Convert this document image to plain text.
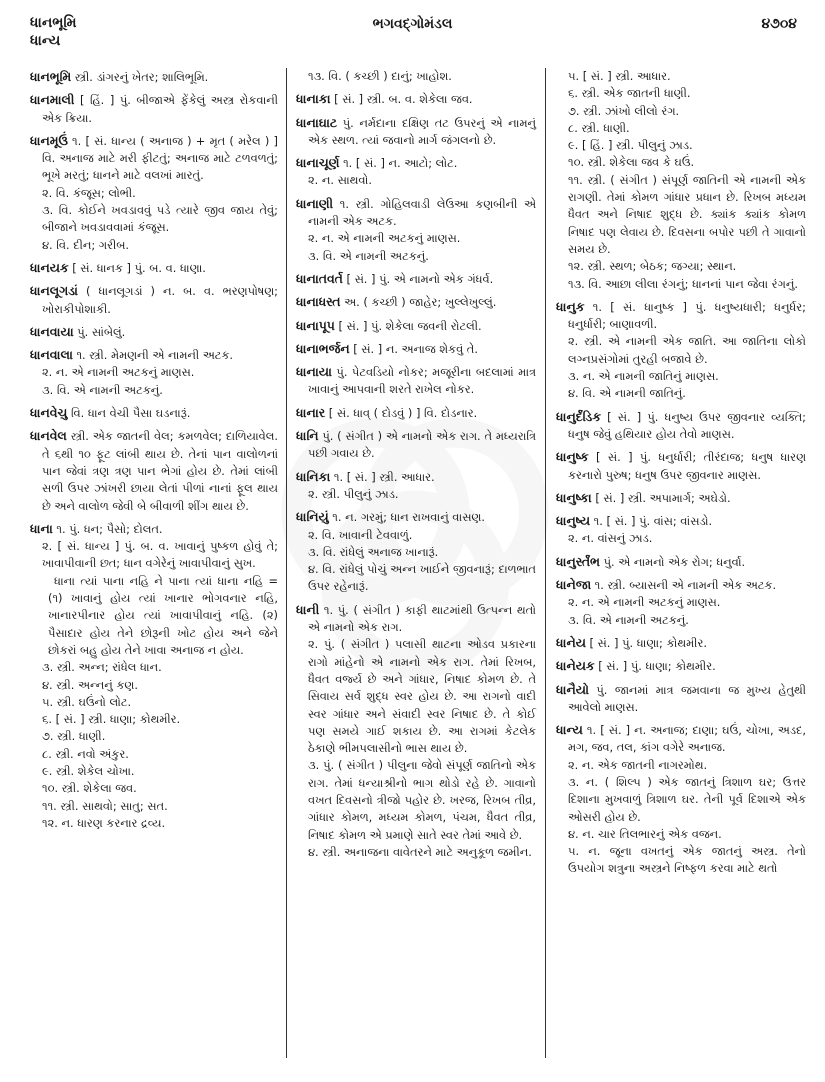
ધાનભૂમિ
ધાન્ય
ભગવદ્ગોમંડલ	૪૭૦૪

ધાનભૂમિ સ્ત્રી. ડાંગરનું ખેતર; શાલિભૂમિ.

ધાનમાલી [ હિં. ] પું. બીજાએ ફેંકેલું અસ્ત્ર રોકવાની એક ક્રિયા.

ધાનમૂઉં ૧. [ સં. ધાન્ય ( અનાજ ) + મૃત ( મરેલ ) ] વિ. અનાજ માટે મરી ફીટતું; અનાજ માટે ટળવળતું; ભૂખે મરતું; ધાનને માટે વલખાં મારતું.

૨. વિ. કંજૂસ; લોભી.

૩. વિ. કોઈને ખવડાવવું પડે ત્યારે જીવ જાય તેવું; બીજાને ખવડાવવામાં કંજૂસ.

૪. વિ. દીન; ગરીબ.

ધાનયક [ સં. ધાનક ] પું. બ. વ. ધાણા.

ધાનલૂગડાં ( ધાનલૂગડાં ) ન. બ. વ. ભરણપોષણ; ખોરાકીપોશાકી.

ધાનવાયા પું. સાંબેલું.

ધાનવાલા ૧. સ્ત્રી. મેમણની એ નામની અટક.

૨. ન. એ નામની અટકનું માણસ.

૩. વિ. એ નામની અટકનું.

ધાનવેચુ વિ. ધાન વેચી પૈસા ઘડનારૂં.

ધાનવેલ સ્ત્રી. એક જાતની વેલ; કમળવેલ; દાળિયાવેલ. તે ૬થી ૧૦ ફૂટ લાંબી થાય છે. તેનાં પાન વાલોળનાં પાન જેવાં ત્રણ ત્રણ પાન ભેગાં હોય છે. તેમાં લાંબી સળી ઉપર ઝાંખરી છાયા લેતાં પીળાં નાનાં ફૂલ થાય છે અને વાલોળ જેવી બે બીવાળી શીંગ થાય છે.

ધાના ૧. પું. ધન; પૈસો; દોલત.

૨. [ સં. ધાન્ય ] પું. બ. વ. ખાવાનું પુષ્કળ હોવું તે; ખાવાપીવાની છત; ધાન વગેરેનું ખાવાપીવાનું સુખ.

ધાના ત્યાં પાના નહિ ને પાના ત્યાં ધાના નહિ = (૧) ખાવાનું હોય ત્યાં ખાનાર ભોગવનાર નહિ, ખાનારપીનાર હોય ત્યાં ખાવાપીવાનું નહિ. (૨) પૈસાદાર હોય તેને છોરૂની ખોટ હોય અને જેને છોકરાં બહુ હોય તેને ખાવા અનાજ ન હોય.

૩. સ્ત્રી. અન્ન; રાંધેલ ધાન.

૪. સ્ત્રી. અન્નનું કણ.

૫. સ્ત્રી. ઘઉંનો લોટ.

૬. [ સં. ] સ્ત્રી. ધાણા; કોથમીર.

૭. સ્ત્રી. ધાણી.

૮. સ્ત્રી. નવો અંકુર.

૯. સ્ત્રી. શેકેલ ચોખા.

૧૦. સ્ત્રી. શેકેલા જવ.

૧૧. સ્ત્રી. સાથવો; સાતુ; સત.

૧૨. ન. ધારણ કરનાર દ્રવ્ય.

૧૩. વિ. ( કચ્છી ) દાનું; ખાહોશ.

ધાનાકા [ સં. ] સ્ત્રી. બ. વ. શેકેલા જવ.

ધાનાઘાટ પું. નર્મદાના દક્ષિણ તટ ઉપરનું એ નામનું એક સ્થળ. ત્યાં જવાનો માર્ગ જંગલનો છે.

ધાનાચૂર્ણ ૧. [ સં. ] ન. આટો; લોટ.

૨. ન. સાથવો.

ધાનાણી ૧. સ્ત્રી. ગોહિલવાડી લેઉઆ કણબીની એ નામની એક અટક.

૨. ન. એ નામની અટકનું માણસ.

૩. વિ. એ નામની અટકનું.

ધાનાતવર્ત [ સં. ] પું. એ નામનો એક ગંધર્વ.

ધાનાધસ્ત અ. ( કચ્છી ) જાહેર; ખુલ્લેખુલ્લું.

ધાનાપૂપ [ સં. ] પું. શેકેલા જવની રોટલી.

ધાનાભર્જન [ સં. ] ન. અનાજ શેકવું તે.

ધાનાયા પું. પેટવડિયો નોકર; મજૂરીના બદલામાં માત્ર ખાવાનું આપવાની શરતે રાખેલ નોકર.

ધાનાર [ સં. ધાવ્ ( દોડવું ) ] વિ. દોડનાર.

ધાનિ પું. ( સંગીત ) એ નામનો એક રાગ. તે મધ્યરાત્રિ પછી ગવાય છે.

ધાનિકા ૧. [ સં. ] સ્ત્રી. આધાર.

૨. સ્ત્રી. પીલુનું ઝાડ.

ધાનિયું ૧. ન. ગરમું; ધાન રાખવાનું વાસણ.

૨. વિ. ખાવાની ટેવવાળું.

૩. વિ. રાંધેલું અનાજ ખાનારૂં.

૪. વિ. રાંધેલું પોચું અન્ન ખાઈને જીવનારૂં; દાળભાત ઉપર રહેનારૂં.

ધાની ૧. પું. ( સંગીત ) કાફી થાટમાંથી ઉત્પન્ન થતો એ નામનો એક રાગ.

૨. પું. ( સંગીત ) પલાસી થાટના ઓડવ પ્રકારના રાગો માંહેનો એ નામનો એક રાગ. તેમાં રિખબ, ધૈવત વર્જ્ય છે અને ગાંધાર, નિષાદ કોમળ છે. તે સિવાય સર્વ શુદ્ધ સ્વર હોય છે. આ રાગનો વાદી સ્વર ગાંધાર અને સંવાદી સ્વર નિષાદ છે. તે કોઈ પણ સમયે ગાઈ શકાય છે. આ રાગમાં કેટલેક ઠેકાણે ભીમપલાસીનો ભાસ થાય છે.

૩. પું. ( સંગીત ) પીલુના જેવો સંપૂર્ણ જાતિનો એક રાગ. તેમાં ધન્યાશ્રીનો ભાગ થોડો રહે છે. ગાવાનો વખત દિવસનો ત્રીજો પહોર છે. ખરજ, રિખબ તીવ્ર, ગાંધાર કોમળ, મધ્યમ કોમળ, પંચમ, ધૈવત તીવ્ર, નિષાદ કોમળ એ પ્રમાણે સાતે સ્વર તેમાં આવે છે.

૪. સ્ત્રી. અનાજના વાવેતરને માટે અનુકૂળ જમીન.

૫. [ સં. ] સ્ત્રી. આધાર.

૬. સ્ત્રી. એક જાતની ધાણી.

૭. સ્ત્રી. ઝાંખો લીલો રંગ.

૮. સ્ત્રી. ધાણી.

૯. [ હિં. ] સ્ત્રી. પીલુનું ઝાડ.

૧૦. સ્ત્રી. શેકેલા જવ કે ઘઉં.

૧૧. સ્ત્રી. ( સંગીત ) સંપૂર્ણ જાતિની એ નામની એક રાગણી. તેમાં કોમળ ગાંધાર પ્રધાન છે. રિખબ મધ્યમ ધૈવત અને નિષાદ શુદ્ધ છે. ક્યાંક ક્યાંક કોમળ નિષાદ પણ લેવાય છે. દિવસના બપોર પછી તે ગાવાનો સમય છે.

૧૨. સ્ત્રી. સ્થળ; બેઠક; જગ્યા; સ્થાન.

૧૩. વિ. આછા લીલા રંગનું; ધાનનાં પાન જેવા રંગનું.

ધાનુક ૧. [ સં. ધાનુષ્ક ] પું. ધનુષ્યધારી; ધનુર્ધર; ધનુર્ધારી; બાણાવળી.

૨. સ્ત્રી. એ નામની એક જાતિ. આ જાતિના લોકો લગ્નપ્રસંગોમાં તુરહી બજાવે છે.

૩. ન. એ નામની જાતિનું માણસ.

૪. વિ. એ નામની જાતિનું.

ધાનુર્દંડિક [ સં. ] પું. ધનુષ્ય ઉપર જીવનાર વ્યક્તિ; ધનુષ જેવું હથિયાર હોય તેવો માણસ.

ધાનુષ્ક [ સં. ] પું. ધનુર્ધારી; તીરંદાજ; ધનુષ ધારણ કરનારો પુરુષ; ધનુષ ઉપર જીવનાર માણસ.

ધાનુષ્કા [ સં. ] સ્ત્રી. અપામાર્ગ; અઘેડો.

ધાનુષ્ય ૧. [ સં. ] પું. વાંસ; વાંસડો.

૨. ન. વાંસનું ઝાડ.

ધાનુર્સ્તંભ પું. એ નામનો એક રોગ; ધનુર્વા.

ધાનેજા ૧. સ્ત્રી. બ્યાસની એ નામની એક અટક.

૨. ન. એ નામની અટકનું માણસ.

૩. વિ. એ નામની અટકનું.

ધાનેય [ સં. ] પું. ધાણા; કોથમીર.

ધાનેયક [ સં. ] પું. ધાણા; કોથમીર.

ધાનૈયો પું. જાનમાં માત્ર જમવાના જ મુખ્ય હેતુથી આવેલો માણસ.

ધાન્ય ૧. [ સં. ] ન. અનાજ; દાણા; ઘઉં, ચોખા, અડદ, મગ, જવ, તલ, કાંગ વગેરે અનાજ.

૨. ન. એક જાતની નાગરમોથ.

૩. ન. ( શિલ્પ ) એક જાતનું ત્રિશાળ ઘર; ઉત્તર દિશાના મુખવાળું ત્રિશાળ ઘર. તેની પૂર્વ દિશાએ એક ઓસરી હોય છે.

૪. ન. ચાર તિલભારનું એક વજન.

૫. ન. જૂના વખતનું એક જાતનું અસ્ત્ર. તેનો ઉપયોગ શત્રુના અસ્ત્રને નિષ્ફળ કરવા માટે થતો
